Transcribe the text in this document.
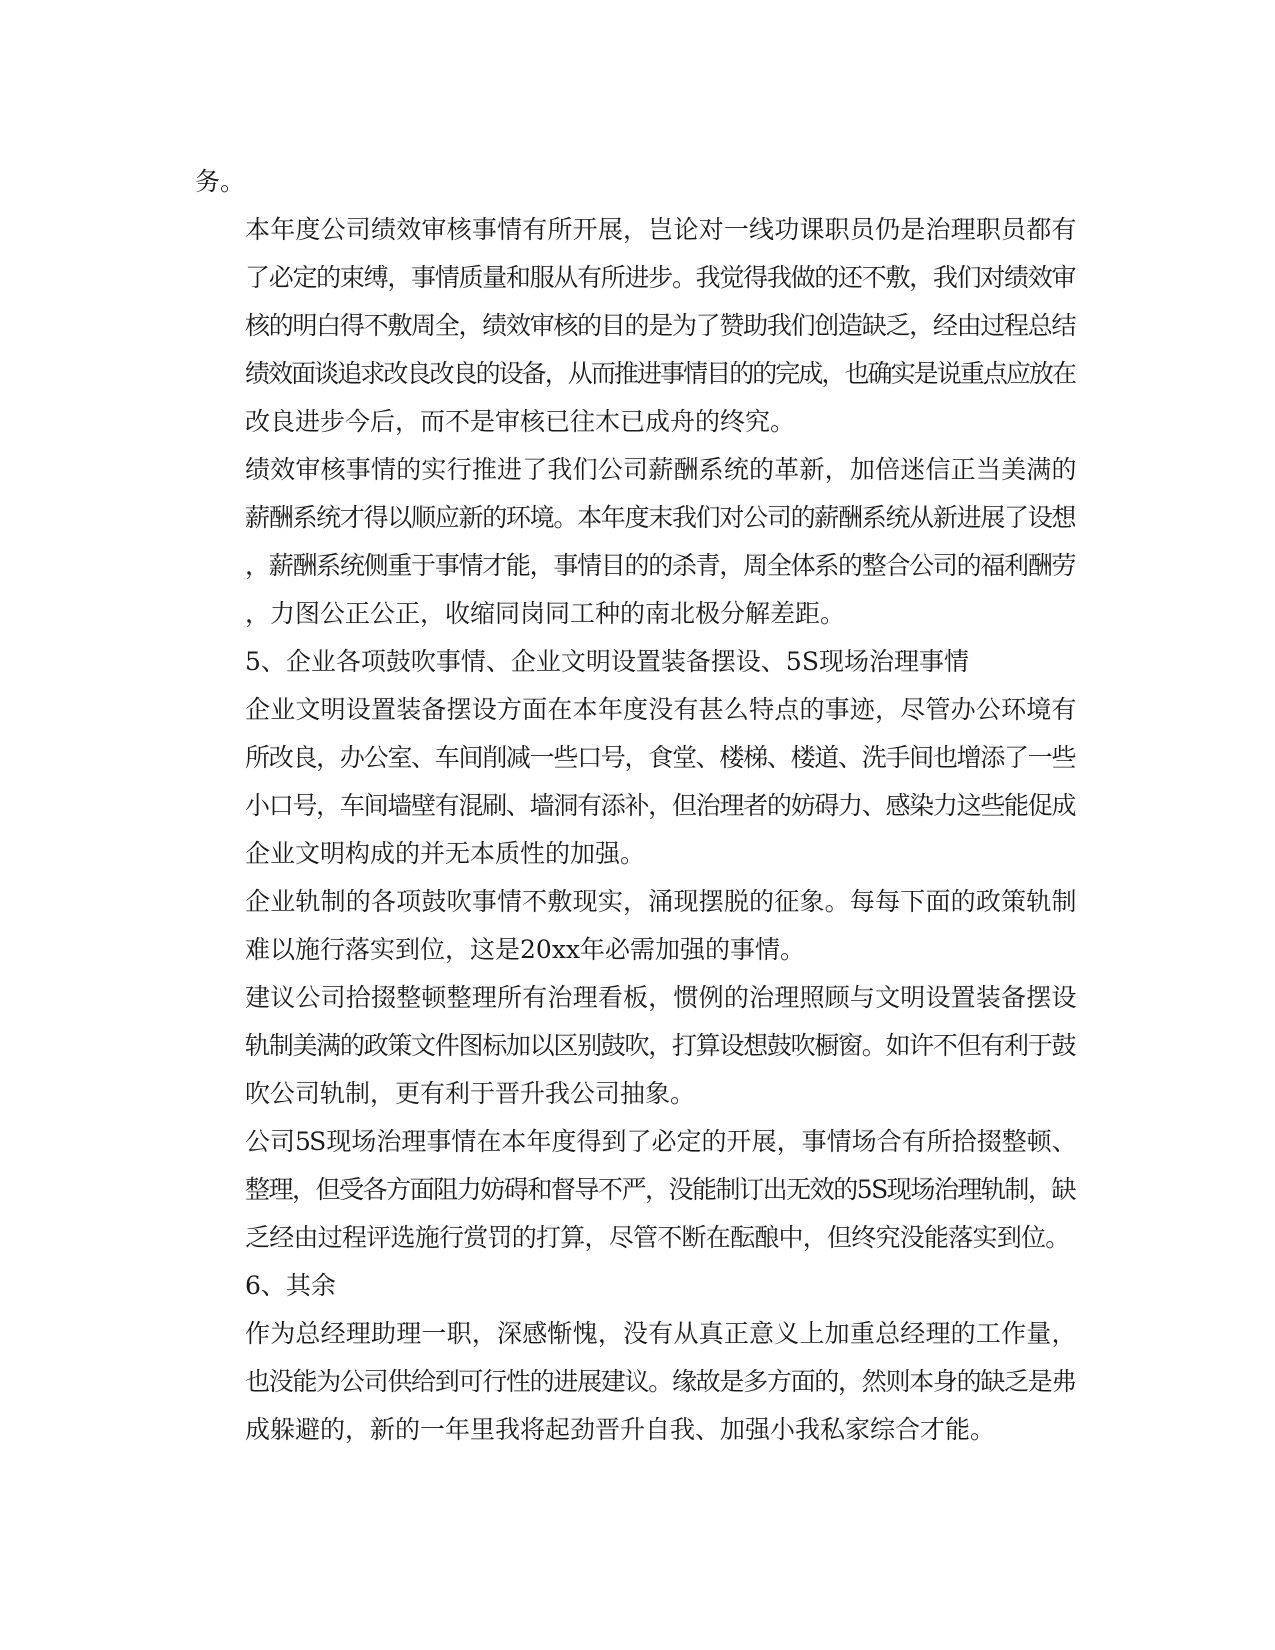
务。

本年度公司绩效审核事情有所开展，岂论对一线功课职员仍是治理职员都有
了必定的束缚，事情质量和服从有所进步。我觉得我做的还不敷，我们对绩效审
核的明白得不敷周全，绩效审核的目的是为了赞助我们创造缺乏，经由过程总结
绩效面谈追求改良改良的设备，从而推进事情目的的完成，也确实是说重点应放在
改良进步今后，而不是审核已往木已成舟的终究。

绩效审核事情的实行推进了我们公司薪酬系统的革新，加倍迷信正当美满的
薪酬系统才得以顺应新的环境。本年度末我们对公司的薪酬系统从新进展了设想
，薪酬系统侧重于事情才能，事情目的的杀青，周全体系的整合公司的福利酬劳
，力图公正公正，收缩同岗同工种的南北极分解差距。

5、企业各项鼓吹事情、企业文明设置装备摆设、5S现场治理事情

企业文明设置装备摆设方面在本年度没有甚么特点的事迹，尽管办公环境有
所改良，办公室、车间削减一些口号，食堂、楼梯、楼道、洗手间也增添了一些
小口号，车间墙壁有混刷、墙洞有添补，但治理者的妨碍力、感染力这些能促成
企业文明构成的并无本质性的加强。

企业轨制的各项鼓吹事情不敷现实，涌现摆脱的征象。每每下面的政策轨制
难以施行落实到位，这是20xx年必需加强的事情。

建议公司拾掇整顿整理所有治理看板，惯例的治理照顾与文明设置装备摆设
轨制美满的政策文件图标加以区别鼓吹，打算设想鼓吹橱窗。如许不但有利于鼓
吹公司轨制，更有利于晋升我公司抽象。

公司5S现场治理事情在本年度得到了必定的开展，事情场合有所拾掇整顿、
整理，但受各方面阻力妨碍和督导不严，没能制订出无效的5S现场治理轨制，缺
乏经由过程评选施行赏罚的打算，尽管不断在酝酿中，但终究没能落实到位。

6、其余

作为总经理助理一职，深感惭愧，没有从真正意义上加重总经理的工作量，
也没能为公司供给到可行性的进展建议。缘故是多方面的，然则本身的缺乏是弗
成躲避的，新的一年里我将起劲晋升自我、加强小我私家综合才能。
